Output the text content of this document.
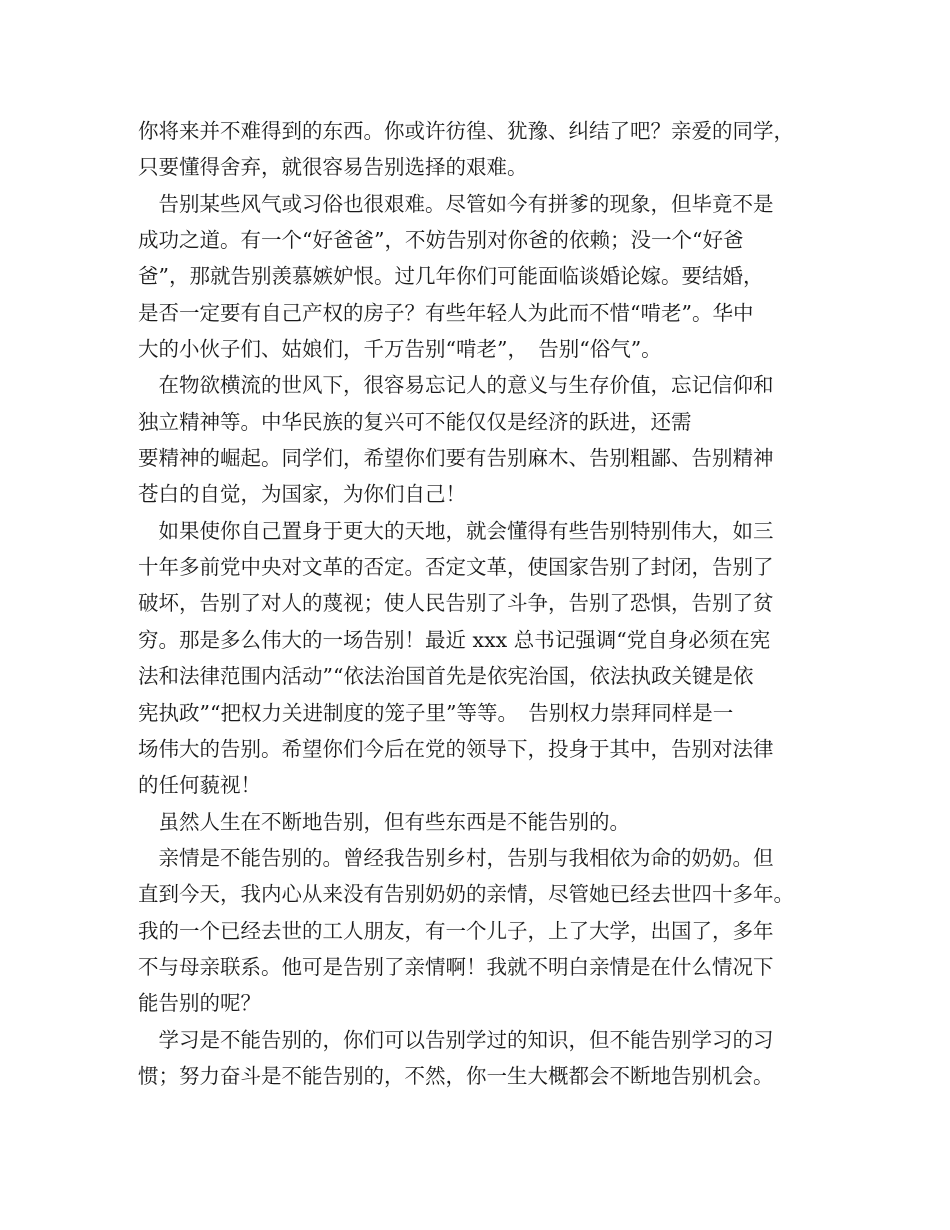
你将来并不难得到的东西。你或许彷徨、犹豫、纠结了吧？亲爱的同学，
只要懂得舍弃，就很容易告别选择的艰难。
　告别某些风气或习俗也很艰难。尽管如今有拼爹的现象，但毕竟不是
成功之道。有一个“好爸爸”，不妨告别对你爸的依赖；没一个“好爸
爸”，那就告别羡慕嫉妒恨。过几年你们可能面临谈婚论嫁。要结婚，
是否一定要有自己产权的房子？有些年轻人为此而不惜“啃老”。华中
大的小伙子们、姑娘们，千万告别“啃老”，　告别“俗气”。
　在物欲横流的世风下，很容易忘记人的意义与生存价值，忘记信仰和
独立精神等。中华民族的复兴可不能仅仅是经济的跃进，还需
要精神的崛起。同学们，希望你们要有告别麻木、告别粗鄙、告别精神
苍白的自觉，为国家，为你们自己！
　如果使你自己置身于更大的天地，就会懂得有些告别特别伟大，如三
十年多前党中央对文革的否定。否定文革，使国家告别了封闭，告别了
破坏，告别了对人的蔑视；使人民告别了斗争，告别了恐惧，告别了贫
穷。那是多么伟大的一场告别！最近 xxx 总书记强调“党自身必须在宪
法和法律范围内活动”“依法治国首先是依宪治国，依法执政关键是依
宪执政”“把权力关进制度的笼子里”等等。　告别权力崇拜同样是一
场伟大的告别。希望你们今后在党的领导下，投身于其中，告别对法律
的任何藐视！
　虽然人生在不断地告别，但有些东西是不能告别的。
　亲情是不能告别的。曾经我告别乡村，告别与我相依为命的奶奶。但
直到今天，我内心从来没有告别奶奶的亲情，尽管她已经去世四十多年。
我的一个已经去世的工人朋友，有一个儿子，上了大学，出国了，多年
不与母亲联系。他可是告别了亲情啊！我就不明白亲情是在什么情况下
能告别的呢？
　学习是不能告别的，你们可以告别学过的知识，但不能告别学习的习
惯；努力奋斗是不能告别的，不然，你一生大概都会不断地告别机会。
